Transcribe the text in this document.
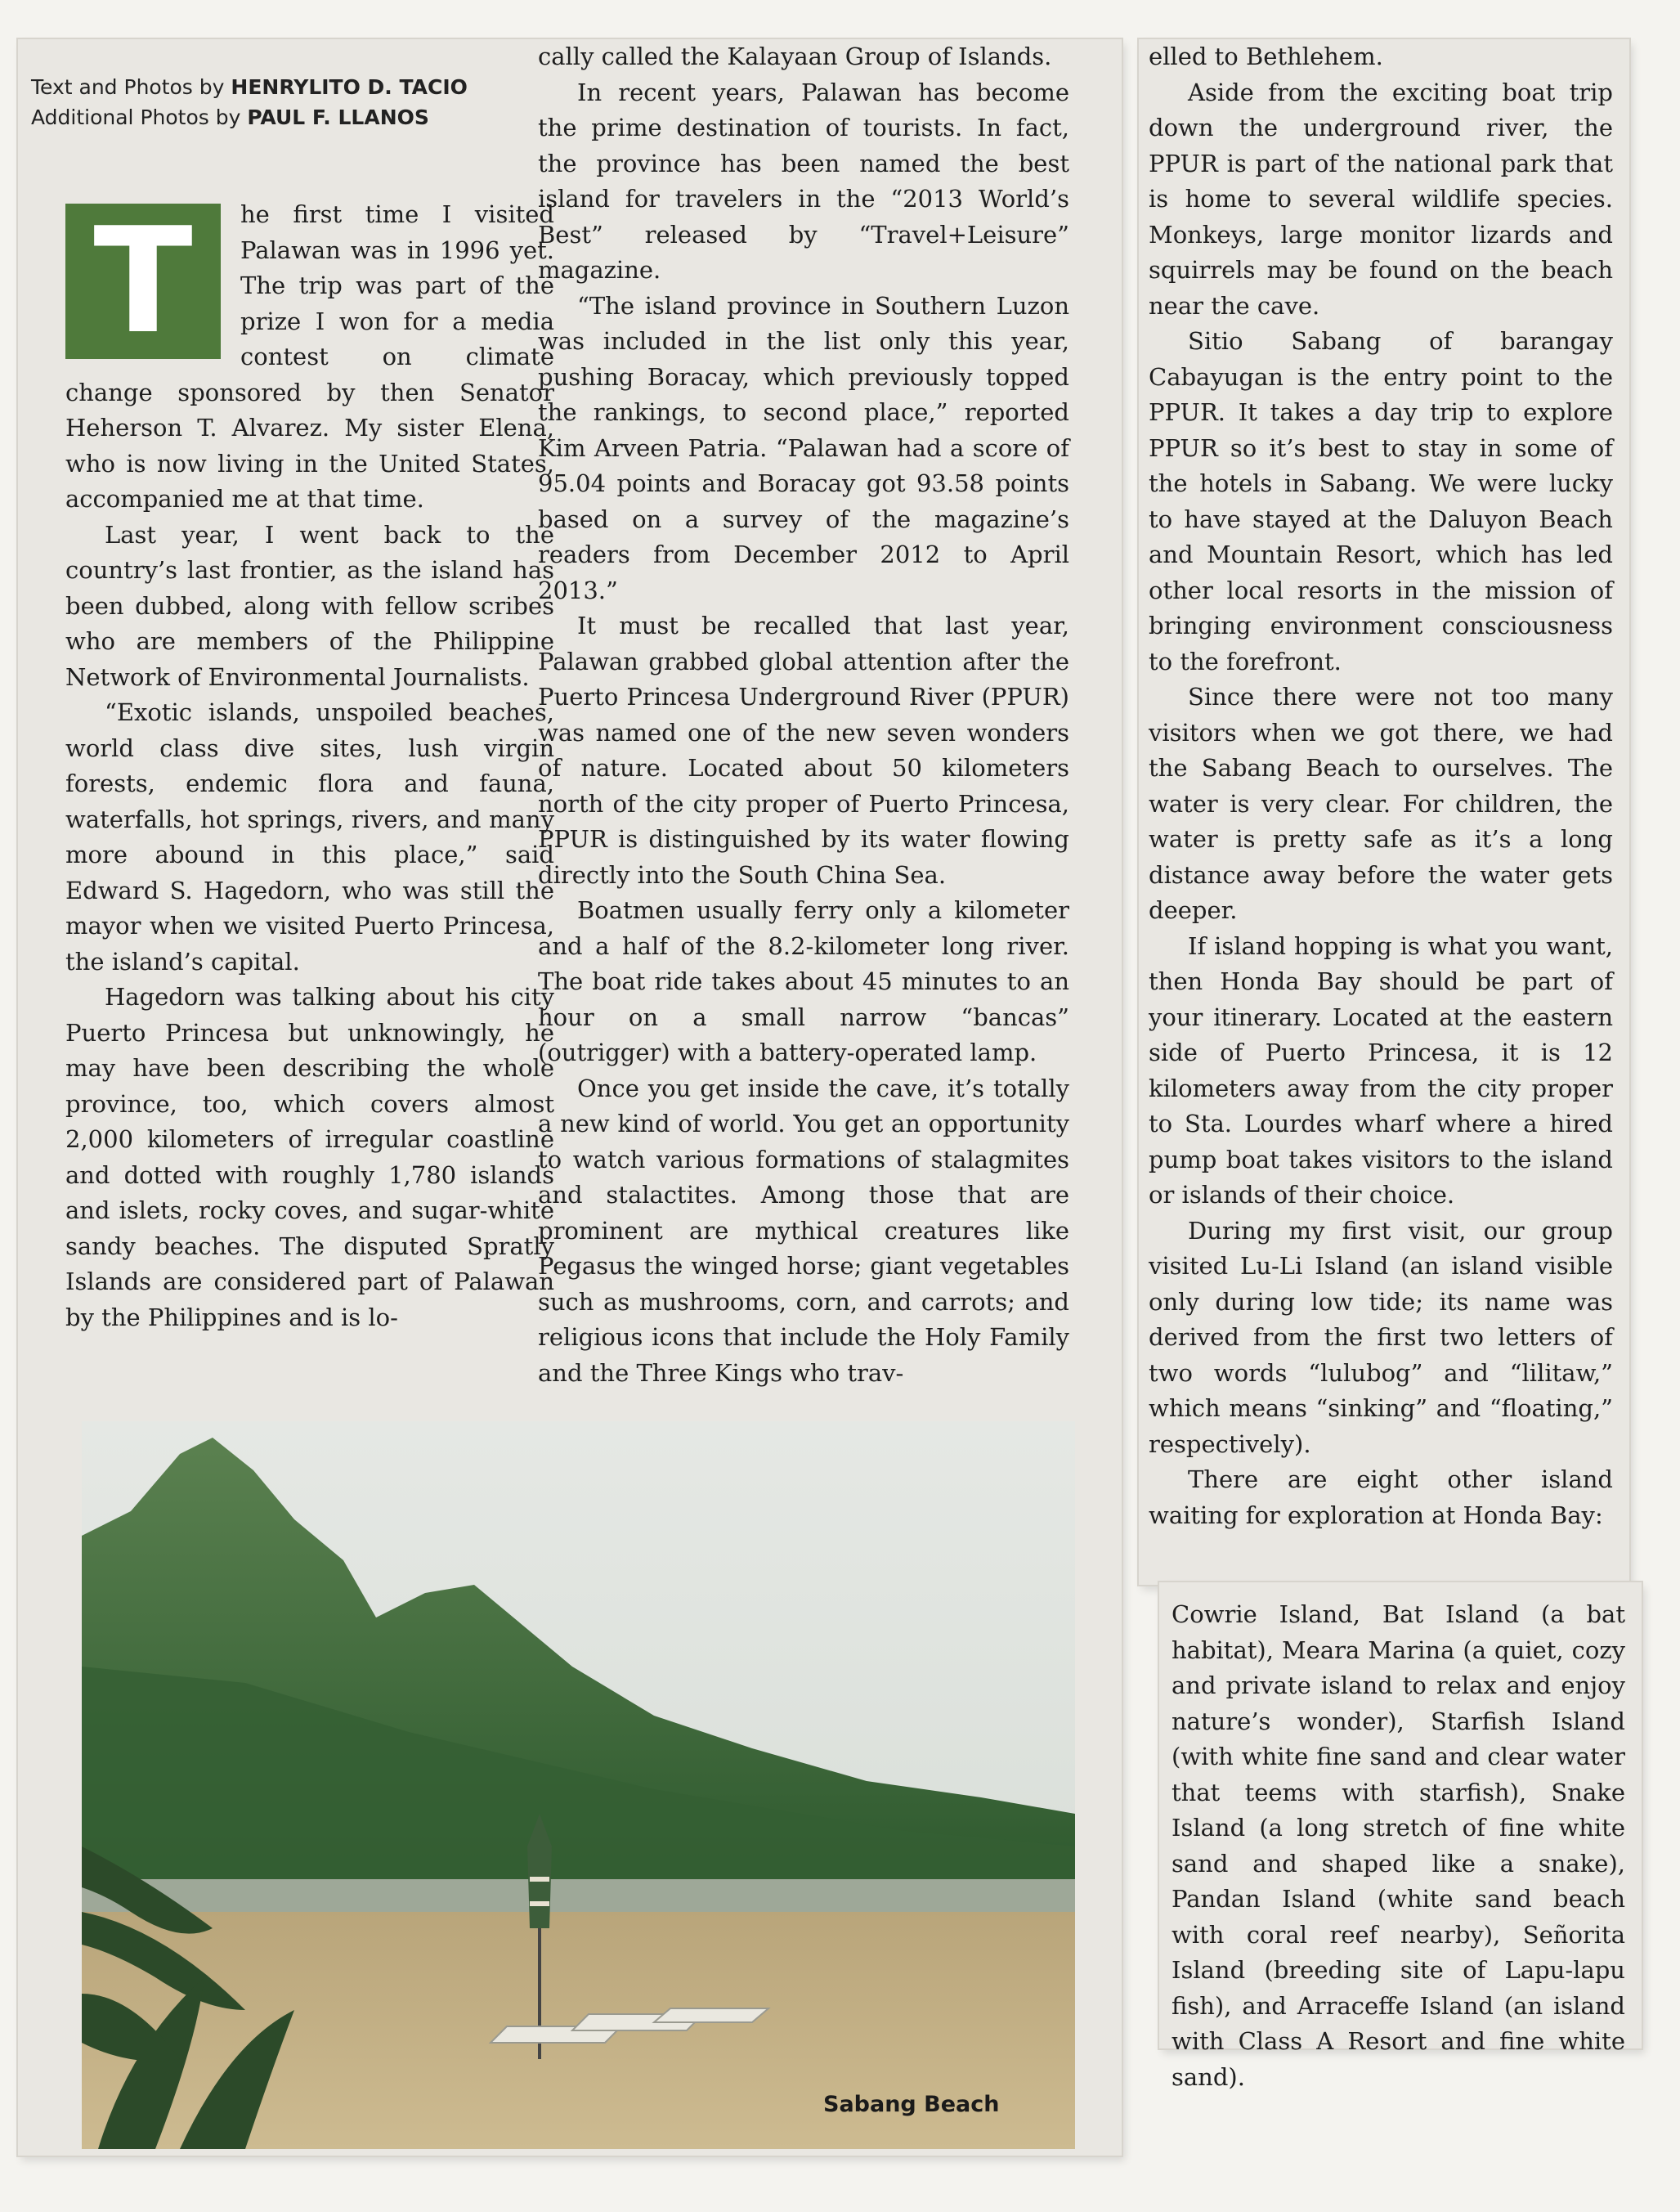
Text and Photos by HENRYLITO D. TACIO
Additional Photos by PAUL F. LLANOS
T	he first time I visited Palawan was in 1996 yet. The trip was part of the prize I won for a media contest on climate change sponsored by then Senator Heherson T. Alvarez. My sister Elena, who is now living in the United States, accompanied me at that time.

Last year, I went back to the country’s last frontier, as the island has been dubbed, along with fellow scribes who are members of the Philippine Network of Environmental Journalists.

“Exotic islands, unspoiled beaches, world class dive sites, lush virgin forests, endemic flora and fauna, waterfalls, hot springs, rivers, and many more abound in this place,” said Edward S. Hagedorn, who was still the mayor when we visited Puerto Princesa, the island’s capital.

Hagedorn was talking about his city Puerto Princesa but unknowingly, he may have been describing the whole province, too, which covers almost 2,000 kilometers of irregular coastline and dotted with roughly 1,780 islands and islets, rocky coves, and sugar-white sandy beaches. The disputed Spratly Islands are considered part of Palawan by the Philippines and is lo-

cally called the Kalayaan Group of Islands.

In recent years, Palawan has become the prime destination of tourists. In fact, the province has been named the best island for travelers in the “2013 World’s Best” released by “Travel+Leisure” magazine.

“The island province in Southern Luzon was included in the list only this year, pushing Boracay, which previously topped the rankings, to second place,” reported Kim Arveen Patria. “Palawan had a score of 95.04 points and Boracay got 93.58 points based on a survey of the magazine’s readers from December 2012 to April 2013.”

It must be recalled that last year, Palawan grabbed global attention after the Puerto Princesa Underground River (PPUR) was named one of the new seven wonders of nature. Located about 50 kilometers north of the city proper of Puerto Princesa, PPUR is distinguished by its water flowing directly into the South China Sea.

Boatmen usually ferry only a kilometer and a half of the 8.2-kilometer long river. The boat ride takes about 45 minutes to an hour on a small narrow “bancas” (outrigger) with a battery-operated lamp.

Once you get inside the cave, it’s totally a new kind of world. You get an opportunity to watch various formations of stalagmites and stalactites. Among those that are prominent are mythical creatures like Pegasus the winged horse; giant vegetables such as mushrooms, corn, and carrots; and religious icons that include the Holy Family and the Three Kings who trav-

Sabang Beach

elled to Bethlehem.

Aside from the exciting boat trip down the underground river, the PPUR is part of the national park that is home to several wildlife species. Monkeys, large monitor lizards and squirrels may be found on the beach near the cave.

Sitio Sabang of barangay Cabayugan is the entry point to the PPUR. It takes a day trip to explore PPUR so it’s best to stay in some of the hotels in Sabang. We were lucky to have stayed at the Daluyon Beach and Mountain Resort, which has led other local resorts in the mission of bringing environment consciousness to the forefront.

Since there were not too many visitors when we got there, we had the Sabang Beach to ourselves. The water is very clear. For children, the water is pretty safe as it’s a long distance away before the water gets deeper.

If island hopping is what you want, then Honda Bay should be part of your itinerary. Located at the eastern side of Puerto Princesa, it is 12 kilometers away from the city proper to Sta. Lourdes wharf where a hired pump boat takes visitors to the island or islands of their choice.

During my first visit, our group visited Lu-Li Island (an island visible only during low tide; its name was derived from the first two letters of two words “lulubog” and “lilitaw,” which means “sinking” and “floating,” respectively).

There are eight other island waiting for exploration at Honda Bay:

Cowrie Island, Bat Island (a bat habitat), Meara Marina (a quiet, cozy and private island to relax and enjoy nature’s wonder), Starfish Island (with white fine sand and clear water that teems with starfish), Snake Island (a long stretch of fine white sand and shaped like a snake), Pandan Island (white sand beach with coral reef nearby), Señorita Island (breeding site of Lapu-lapu fish), and Arraceffe Island (an island with Class A Resort and fine white sand).
